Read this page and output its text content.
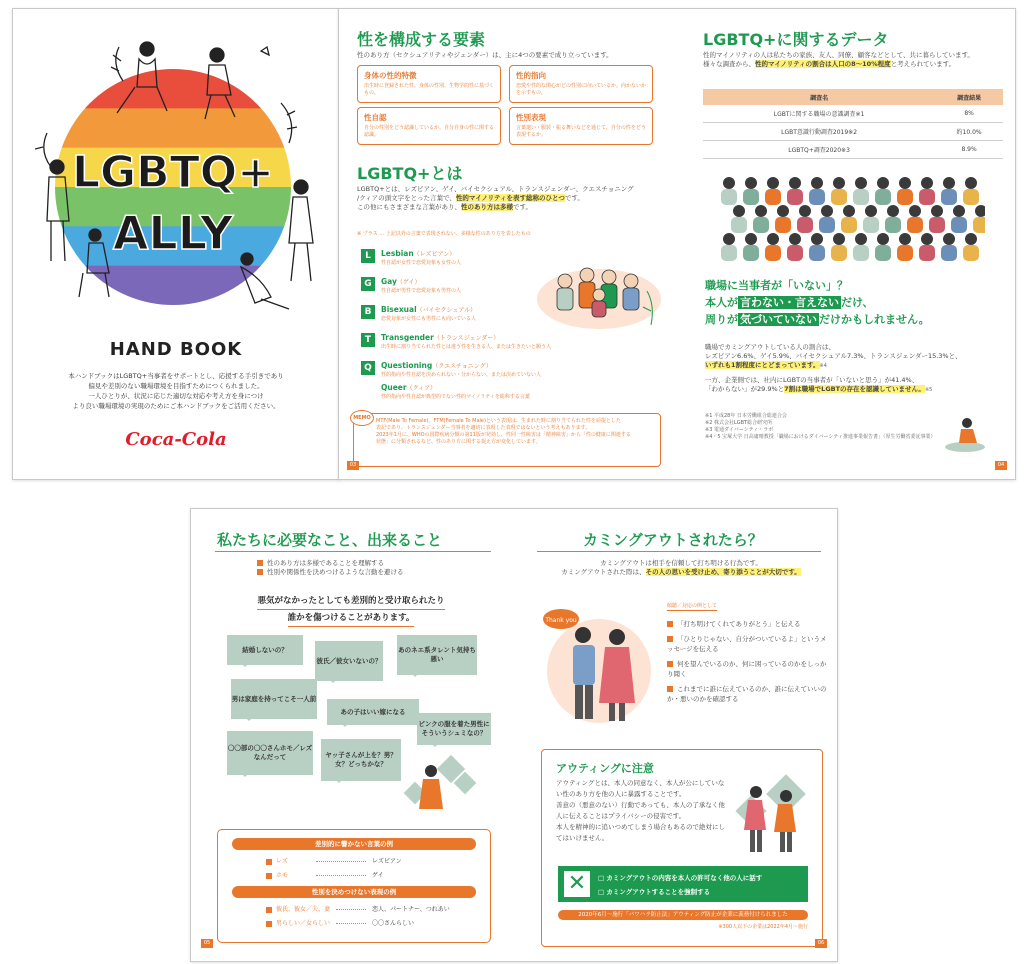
LGBTQ+
ALLY
HAND BOOK
本ハンドブックはLGBTQ+当事者をサポートとし、応援する手引きであり
偏見や差別のない職場環境を目指すためにつくられました。
一人ひとりが、状況に応じた適切な対応や考え方を身につけ
より良い職場環境の実現のためにご本ハンドブックをご活用ください。
Coca-Cola
性を構成する要素
性のあり方（セクシュアリティやジェンダー）は、主に4つの要素で成り立っています。
身体の性的特徴
出生時に登録された性。身体の性別、生物学的性に基づくもの。
性的指向
恋愛や性的な関心がどの性別に向いているか。向かないかを示すもの。
性自認
自分の性別をどう認識しているか。自分自身の性に関する認識。
性別表現
言葉遣い・服装・振る舞いなどを通じて、自分の性をどう表現するか。
LGBTQ+とは
LGBTQ+とは、レズビアン、ゲイ、バイセクシュアル、トランスジェンダー、クエスチョニング
/クィアの頭文字をとった言葉で、性的マイノリティを表す総称のひとつです。
この他にもさまざまな言葉があり、性のあり方は多様です。
※ プラス … 上記以外の言葉で表現されない、多様な性のあり方を表したもの
L	Lesbian（レズビアン）
性自認が女性で恋愛対象も女性の人
G	Gay（ゲイ）
性自認が男性で恋愛対象も男性の人
B	Bisexual（バイセクシュアル）
恋愛対象が女性にも男性にも向いている人
T	Transgender（トランスジェンダー）
出生時に割り当てられた性とは違う性を生きる人、または生きたいと願う人
Q	Questioning（クエスチョニング）
性的指向や性自認を決められない・分からない、または決めていない人
Queer（クィア）
性的指向や性自認が典型的でない性的マイノリティを総称する言葉
MEMO	MTF(Male To Female)、FTM(Female To Male)という表現は、生まれた時に割り当てられた性を前提とした
表記であり、トランスジェンダー当事者を適切に表現した表現ではないという考えもあります。
2023年1月に、WHOの国際疾病分類の第11版が発効し、性同一性障害は「精神障害」から「性の健康に関連する
状態」に分類されるなど、性のあり方に関する捉え方が変化しています。
03
LGBTQ+に関するデータ
性的マイノリティの人は私たちの家族、友人、同僚、顧客などとして、共に暮らしています。
様々な調査から、性的マイノリティの割合は人口の8〜10%程度と考えられています。
調査名	調査結果
LGBTに関する職場の意識調査※1	8%
LGBT意識行動調査2019※2	約10.0%
LGBTQ+調査2020※3	8.9%
職場に当事者が「いない」？
本人が 言わない・言えない だけ、
周りが 気づいていない だけかもしれません。
職場でカミングアウトしている人の割合は、
レズビアン6.6%、ゲイ5.9%、バイセクシュアル7.3%、トランスジェンダー15.3%と、
いずれも1割程度にとどまっています。※4
一方、企業側では、社内にLGBTの当事者が「いないと思う」が41.4%、
「わからない」が29.9%と7割は職場でLGBTの存在を認識していません。※5
※1 平成28年 日本労働組合総連合会
※2 株式会社LGBT総合研究所
※3 電通ダイバーシティ・ラボ
※4・5 宝塚大学 日高庸晴教授「職場におけるダイバーシティ推進事業報告書」（厚生労働省委託事業）
04
私たちに必要なこと、出来ること
性のあり方は多様であることを理解する
性別や関係性を決めつけるような言動を避ける
悪気がなかったとしても差別的と受け取られたり 誰かを傷つけることがあります。
結婚しないの？
彼氏／彼女いないの？
あのネエ系タレント気持ち悪い
男は家庭を持ってこそ一人前
あの子はいい嫁になる
ピンクの服を着た男性にそういうシュミなの？
〇〇部の〇〇さんホモ／レズ なんだって	ヤッ子さんが上を？男？女？どっちかな？
差別的に響かない言葉の例
レズ	レズビアン
ホモ	ゲイ
性別を決めつけない表現の例
彼氏、彼女／夫、妻	恋人、パートナー、つれあい
男らしい／女らしい	〇〇さんらしい
05
カミングアウトされたら？
カミングアウトは相手を信頼して打ち明ける行為です。
カミングアウトされた際は、その人の思いを受け止め、寄り添うことが大切です。
Thank you
傾聴／対応の例として
「打ち明けてくれてありがとう」と伝える
「ひとりじゃない、自分がついているよ」というメッセージを伝える
何を望んでいるのか、何に困っているのかをしっかり聞く
これまでに誰に伝えているのか、誰に伝えていいのか・悪いのかを確認する
アウティングに注意
アウティングとは、本人の同意なく、本人が公にしていない性のあり方を他の人に暴露することです。
善意の（悪意のない）行動であっても、本人の了承なく他人に伝えることはプライバシーの侵害です。
本人を精神的に追いつめてしまう場合もあるので絶対にしてはいけません。
✕	□ カミングアウトの内容を本人の許可なく他の人に話す
□ カミングアウトすることを強制する
2020年6月〜施行「パワハラ防止法」アウティング防止が企業に義務付けられました
※300人以下の企業は2022年4月〜施行
06
